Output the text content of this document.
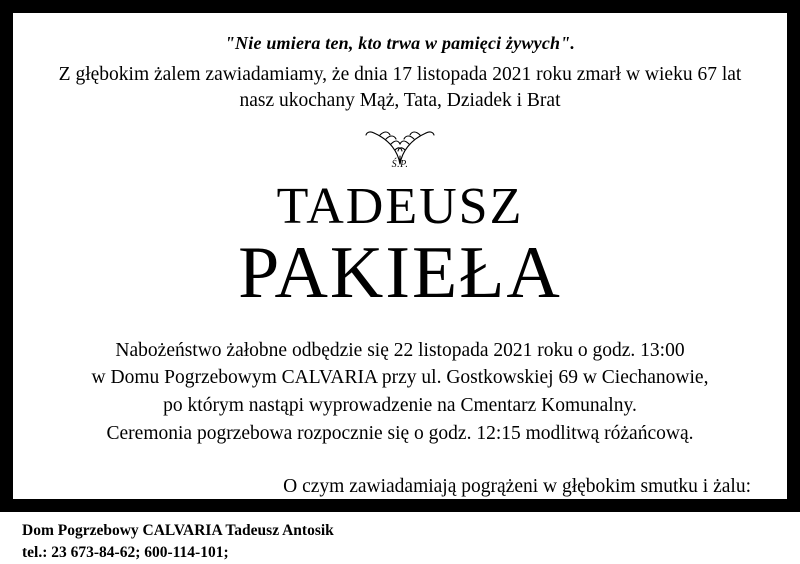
"Nie umiera ten, kto trwa w pamięci żywych".
Z głębokim żalem zawiadamiamy, że dnia 17 listopada 2021 roku zmarł w wieku 67 lat
nasz ukochany Mąż, Tata, Dziadek i Brat
Ś.P.
TADEUSZ
PAKIEŁA
Nabożeństwo żałobne odbędzie się 22 listopada 2021 roku o godz. 13:00
w Domu Pogrzebowym CALVARIA przy ul. Gostkowskiej 69 w Ciechanowie,
po którym nastąpi wyprowadzenie na Cmentarz Komunalny.
Ceremonia pogrzebowa rozpocznie się o godz. 12:15 modlitwą różańcową.
O czym zawiadamiają pogrążeni w głębokim smutku i żalu:
Dom Pogrzebowy CALVARIA Tadeusz Antosik
tel.: 23 673-84-62; 600-114-101;
